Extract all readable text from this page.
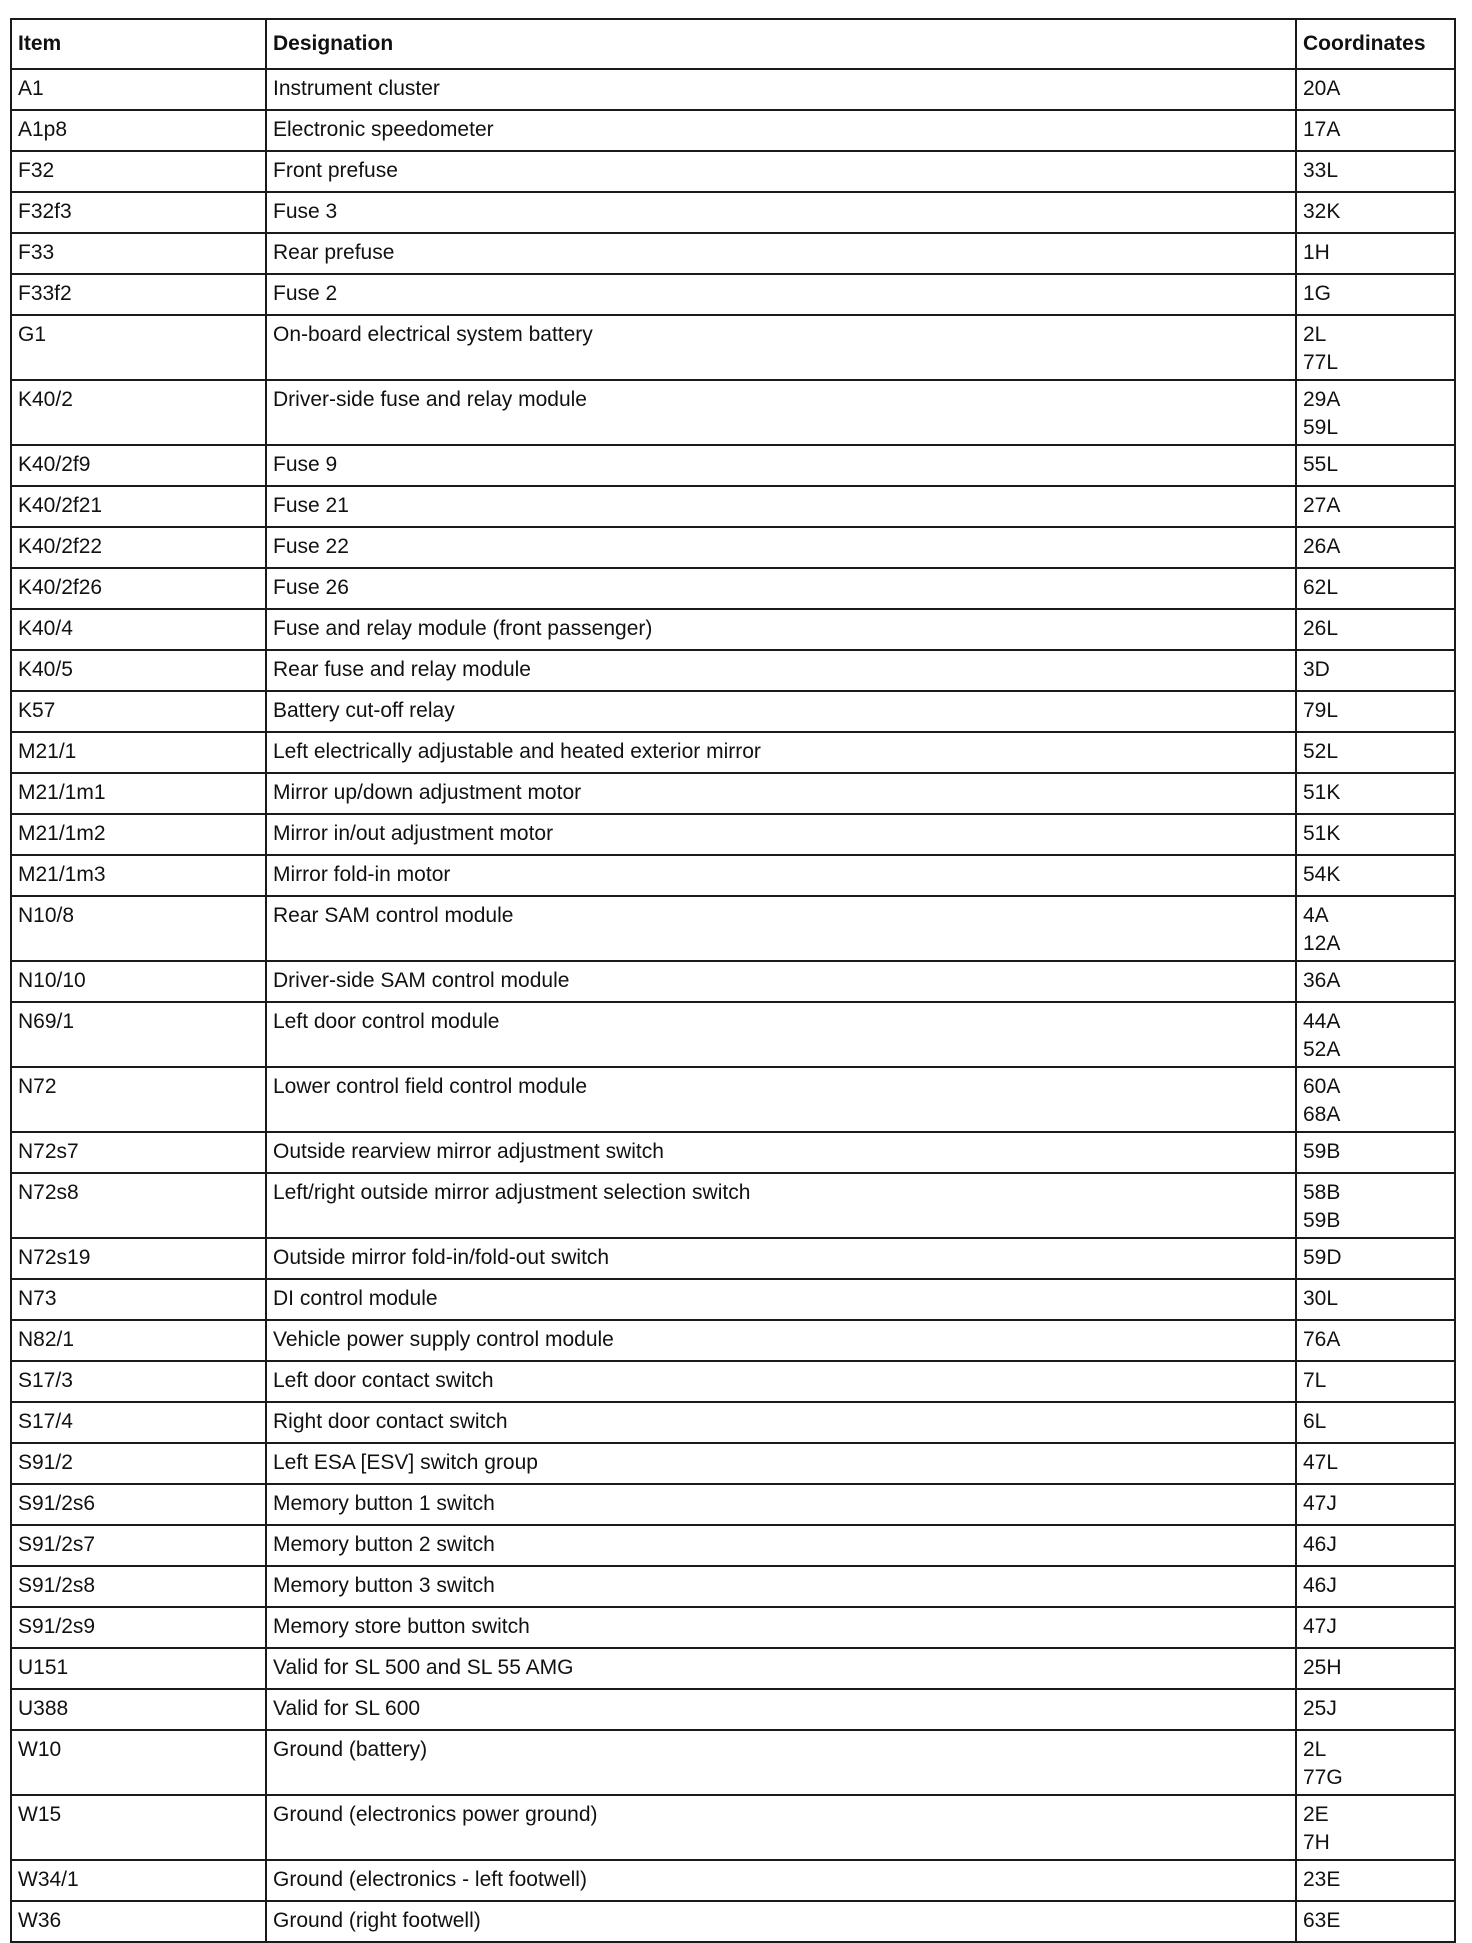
Item	Designation	Coordinates
A1	Instrument cluster	20A

A1p8	Electronic speedometer	17A

F32	Front prefuse	33L

F32f3	Fuse 3	32K

F33	Rear prefuse	1H

F33f2	Fuse 2	1G

G1	On-board electrical system battery	2L
77L

K40/2	Driver-side fuse and relay module	29A
59L

K40/2f9	Fuse 9	55L

K40/2f21	Fuse 21	27A

K40/2f22	Fuse 22	26A

K40/2f26	Fuse 26	62L

K40/4	Fuse and relay module (front passenger)	26L

K40/5	Rear fuse and relay module	3D

K57	Battery cut-off relay	79L

M21/1	Left electrically adjustable and heated exterior mirror	52L

M21/1m1	Mirror up/down adjustment motor	51K

M21/1m2	Mirror in/out adjustment motor	51K

M21/1m3	Mirror fold-in motor	54K

N10/8	Rear SAM control module	4A
12A

N10/10	Driver-side SAM control module	36A

N69/1	Left door control module	44A
52A

N72	Lower control field control module	60A
68A

N72s7	Outside rearview mirror adjustment switch	59B

N72s8	Left/right outside mirror adjustment selection switch	58B
59B

N72s19	Outside mirror fold-in/fold-out switch	59D

N73	DI control module	30L

N82/1	Vehicle power supply control module	76A

S17/3	Left door contact switch	7L

S17/4	Right door contact switch	6L

S91/2	Left ESA [ESV] switch group	47L

S91/2s6	Memory button 1 switch	47J

S91/2s7	Memory button 2 switch	46J

S91/2s8	Memory button 3 switch	46J

S91/2s9	Memory store button switch	47J

U151	Valid for SL 500 and SL 55 AMG	25H

U388	Valid for SL 600	25J

W10	Ground (battery)	2L
77G

W15	Ground (electronics power ground)	2E
7H

W34/1	Ground (electronics - left footwell)	23E

W36	Ground (right footwell)	63E
